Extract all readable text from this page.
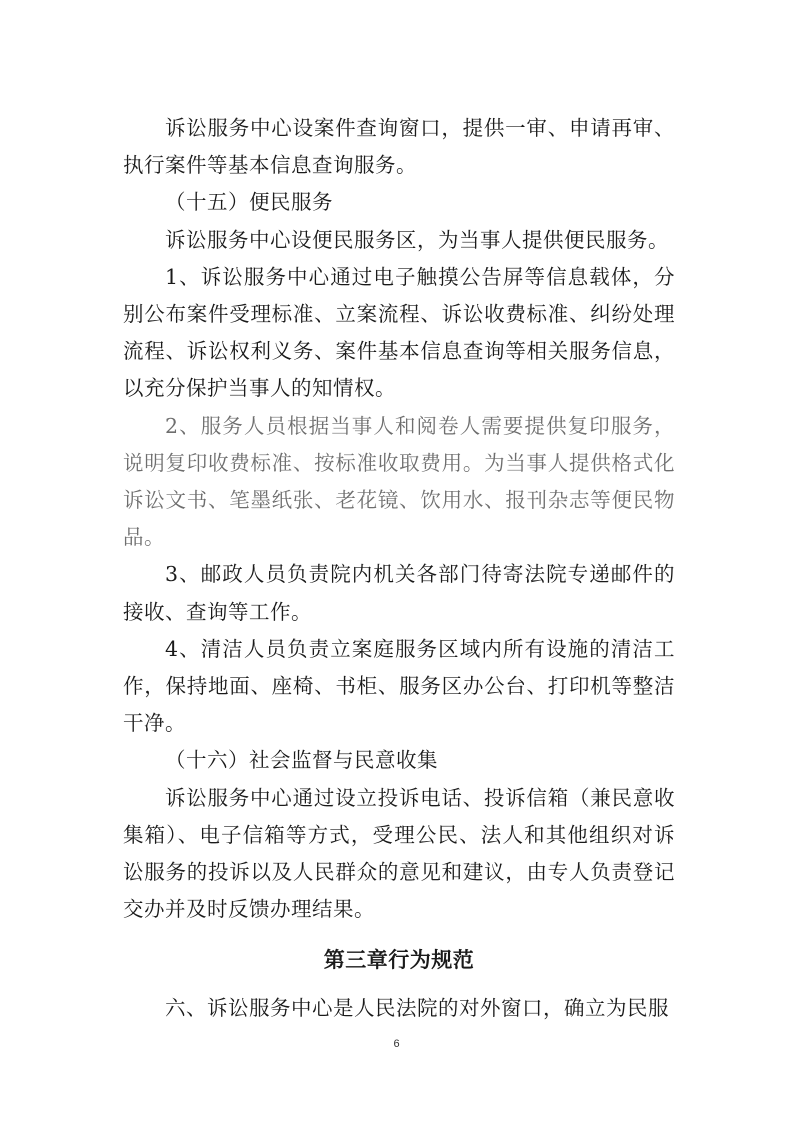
诉讼服务中心设案件查询窗口，提供一审、申请再审、执行案件等基本信息查询服务。

（十五）便民服务

诉讼服务中心设便民服务区，为当事人提供便民服务。

1、诉讼服务中心通过电子触摸公告屏等信息载体，分别公布案件受理标准、立案流程、诉讼收费标准、纠纷处理流程、诉讼权利义务、案件基本信息查询等相关服务信息，以充分保护当事人的知情权。

2、服务人员根据当事人和阅卷人需要提供复印服务，说明复印收费标准、按标准收取费用。为当事人提供格式化诉讼文书、笔墨纸张、老花镜、饮用水、报刊杂志等便民物品。

3、邮政人员负责院内机关各部门待寄法院专递邮件的接收、查询等工作。

4、清洁人员负责立案庭服务区域内所有设施的清洁工作，保持地面、座椅、书柜、服务区办公台、打印机等整洁干净。

（十六）社会监督与民意收集

诉讼服务中心通过设立投诉电话、投诉信箱（兼民意收集箱）、电子信箱等方式，受理公民、法人和其他组织对诉讼服务的投诉以及人民群众的意见和建议，由专人负责登记交办并及时反馈办理结果。

第三章行为规范

六、诉讼服务中心是人民法院的对外窗口，确立为民服

6
